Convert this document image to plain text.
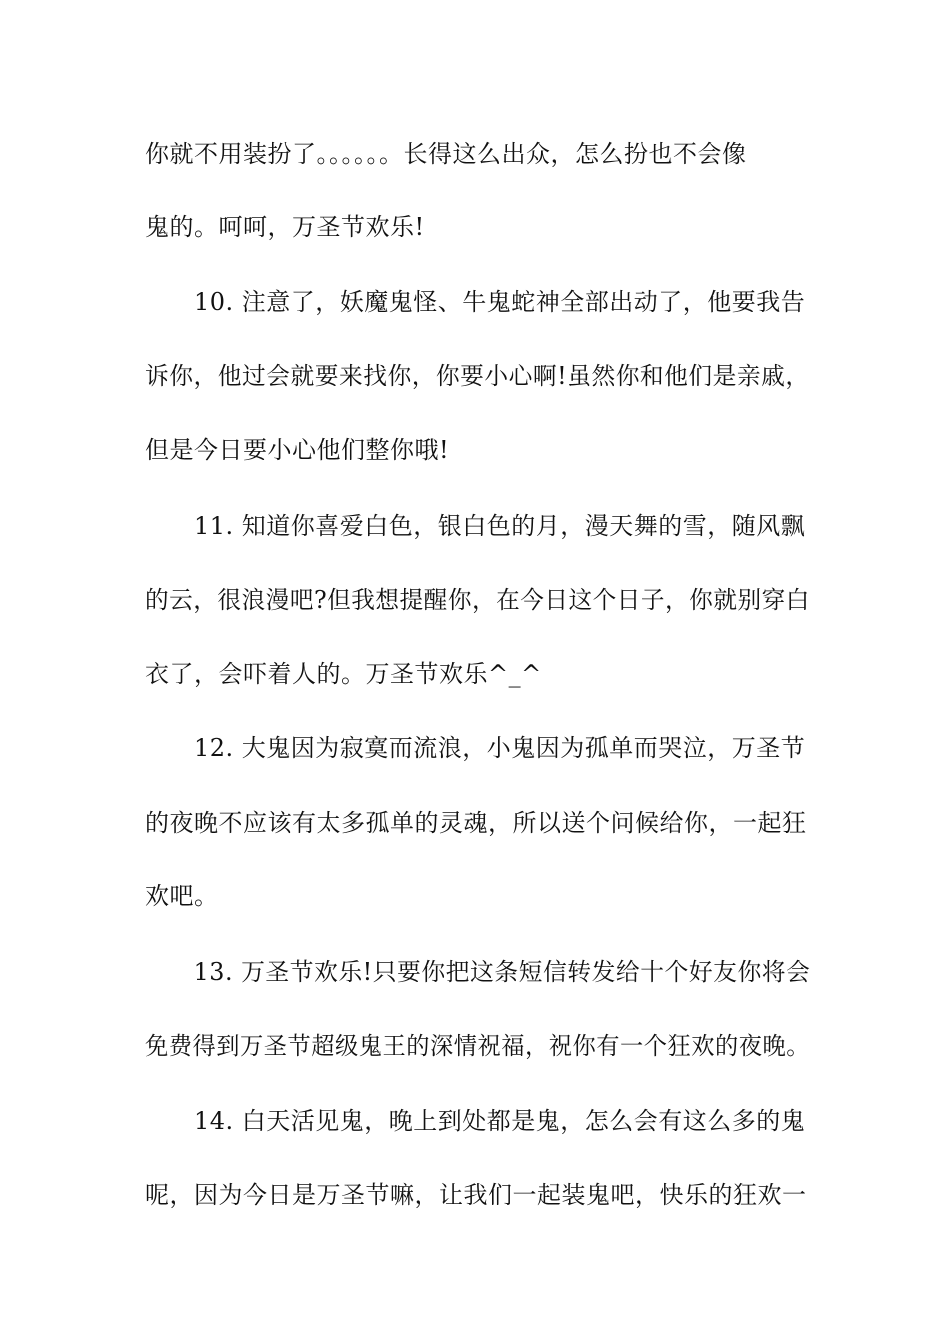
你就不用装扮了。。。。。。长得这么出众，怎么扮也不会像
鬼的。呵呵，万圣节欢乐!
　　10. 注意了，妖魔鬼怪、牛鬼蛇神全部出动了，他要我告
诉你，他过会就要来找你，你要小心啊!虽然你和他们是亲戚，
但是今日要小心他们整你哦!
　　11. 知道你喜爱白色，银白色的月，漫天舞的雪，随风飘
的云，很浪漫吧?但我想提醒你，在今日这个日子，你就别穿白
衣了，会吓着人的。万圣节欢乐^_^
　　12. 大鬼因为寂寞而流浪，小鬼因为孤单而哭泣，万圣节
的夜晚不应该有太多孤单的灵魂，所以送个问候给你，一起狂
欢吧。
　　13. 万圣节欢乐!只要你把这条短信转发给十个好友你将会
免费得到万圣节超级鬼王的深情祝福，祝你有一个狂欢的夜晚。
　　14. 白天活见鬼，晚上到处都是鬼，怎么会有这么多的鬼
呢，因为今日是万圣节嘛，让我们一起装鬼吧，快乐的狂欢一
